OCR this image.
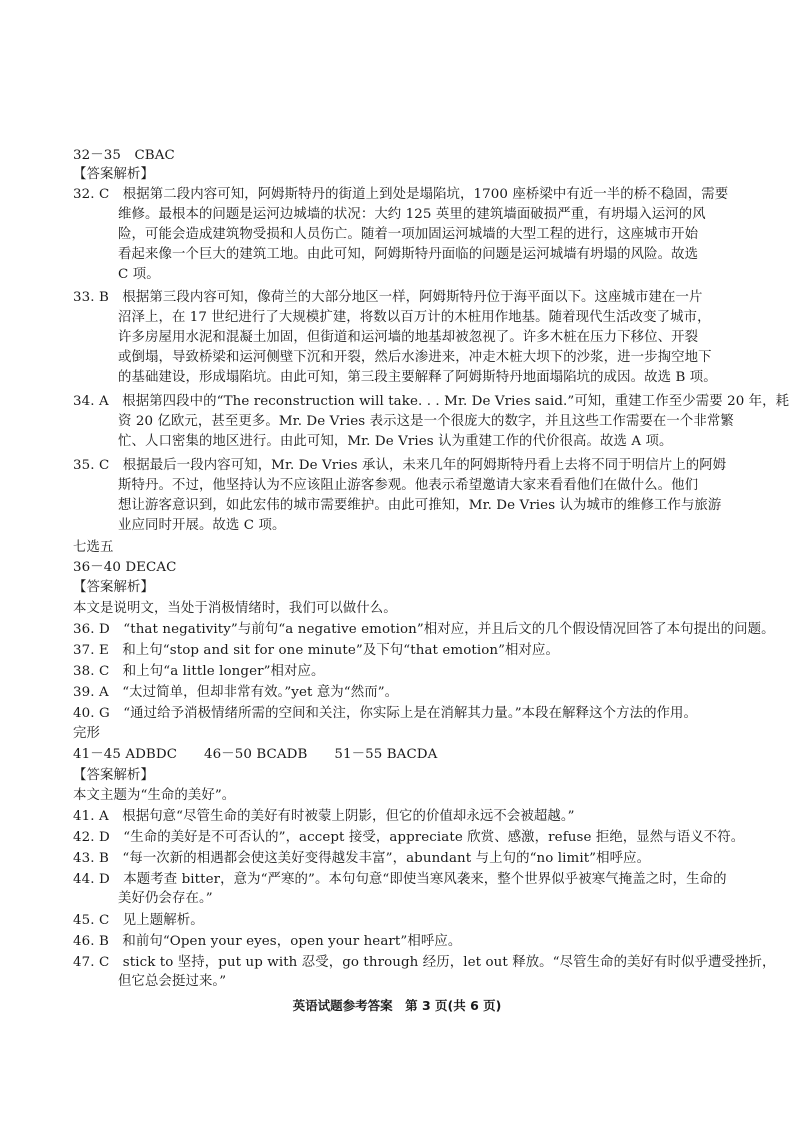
32－35　CBAC
【答案解析】
32. C　根据第二段内容可知，阿姆斯特丹的街道上到处是塌陷坑，1700 座桥梁中有近一半的桥不稳固，需要
维修。最根本的问题是运河边城墙的状况：大约 125 英里的建筑墙面破损严重，有坍塌入运河的风
险，可能会造成建筑物受损和人员伤亡。随着一项加固运河城墙的大型工程的进行，这座城市开始
看起来像一个巨大的建筑工地。由此可知，阿姆斯特丹面临的问题是运河城墙有坍塌的风险。故选
C 项。
33. B　根据第三段内容可知，像荷兰的大部分地区一样，阿姆斯特丹位于海平面以下。这座城市建在一片
沼泽上，在 17 世纪进行了大规模扩建，将数以百万计的木桩用作地基。随着现代生活改变了城市，
许多房屋用水泥和混凝土加固，但街道和运河墙的地基却被忽视了。许多木桩在压力下移位、开裂
或倒塌，导致桥梁和运河侧壁下沉和开裂，然后水渗进来，冲走木桩大坝下的沙浆，进一步掏空地下
的基础建设，形成塌陷坑。由此可知，第三段主要解释了阿姆斯特丹地面塌陷坑的成因。故选 B 项。
34. A　根据第四段中的“The reconstruction will take. . . Mr. De Vries said.”可知，重建工作至少需要 20 年，耗
资 20 亿欧元，甚至更多。Mr. De Vries 表示这是一个很庞大的数字，并且这些工作需要在一个非常繁
忙、人口密集的地区进行。由此可知，Mr. De Vries 认为重建工作的代价很高。故选 A 项。
35. C　根据最后一段内容可知，Mr. De Vries 承认，未来几年的阿姆斯特丹看上去将不同于明信片上的阿姆
斯特丹。不过，他坚持认为不应该阻止游客参观。他表示希望邀请大家来看看他们在做什么。他们
想让游客意识到，如此宏伟的城市需要维护。由此可推知，Mr. De Vries 认为城市的维修工作与旅游
业应同时开展。故选 C 项。
七选五
36－40 DECAC
【答案解析】
本文是说明文，当处于消极情绪时，我们可以做什么。
36. D　“that negativity”与前句“a negative emotion”相对应，并且后文的几个假设情况回答了本句提出的问题。
37. E　和上句“stop and sit for one minute”及下句“that emotion”相对应。
38. C　和上句“a little longer”相对应。
39. A　“太过简单，但却非常有效。”yet 意为“然而”。
40. G　“通过给予消极情绪所需的空间和关注，你实际上是在消解其力量。”本段在解释这个方法的作用。
完形
41－45 ADBDC　　46－50 BCADB　　51－55 BACDA
【答案解析】
本文主题为“生命的美好”。
41. A　根据句意“尽管生命的美好有时被蒙上阴影，但它的价值却永远不会被超越。”
42. D　“生命的美好是不可否认的”，accept 接受，appreciate 欣赏、感激，refuse 拒绝，显然与语义不符。
43. B　“每一次新的相遇都会使这美好变得越发丰富”，abundant 与上句的“no limit”相呼应。
44. D　本题考查 bitter，意为“严寒的”。本句句意“即使当寒风袭来，整个世界似乎被寒气掩盖之时，生命的
美好仍会存在。”
45. C　见上题解析。
46. B　和前句“Open your eyes，open your heart”相呼应。
47. C　stick to 坚持，put up with 忍受，go through 经历，let out 释放。“尽管生命的美好有时似乎遭受挫折，
但它总会挺过来。”
英语试题参考答案　第 3 页(共 6 页)
